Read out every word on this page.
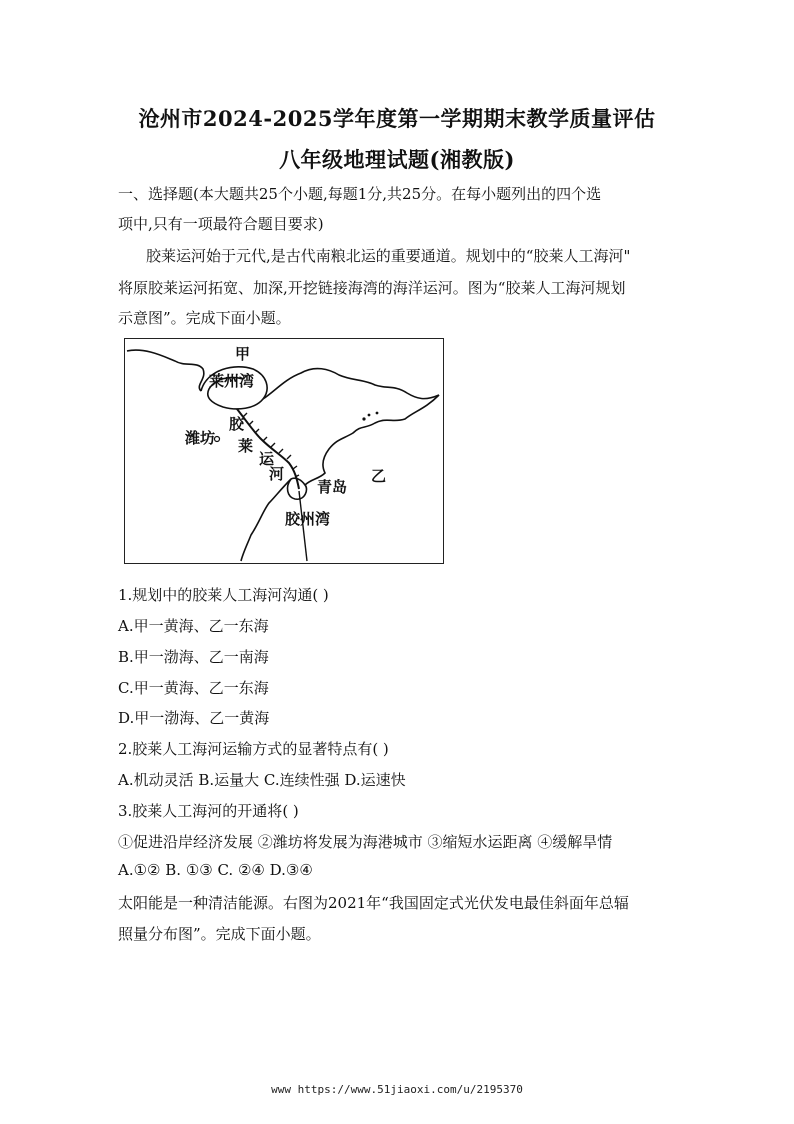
沧州市2024-2025学年度第一学期期末教学质量评估
八年级地理试题(湘教版)
一、选择题(本大题共25个小题,每题1分,共25分。在每小题列出的四个选
项中,只有一项最符合题目要求)
胶莱运河始于元代,是古代南粮北运的重要通道。规划中的“胶莱人工海河"
将原胶莱运河拓宽、加深,开挖链接海湾的海洋运河。图为“胶莱人工海河规划
示意图”。完成下面小题。
甲
莱州湾
潍坊
胶
莱
运
河
青岛
乙
胶州湾
1.规划中的胶莱人工海河沟通( )
A.甲一黄海、乙一东海
B.甲一渤海、乙一南海
C.甲一黄海、乙一东海
D.甲一渤海、乙一黄海
2.胶莱人工海河运输方式的显著特点有( )
A.机动灵活 B.运量大 C.连续性强 D.运速快
3.胶莱人工海河的开通将( )
①促进沿岸经济发展 ②潍坊将发展为海港城市 ③缩短水运距离 ④缓解旱情
A.①② B. ①③ C. ②④ D.③④
太阳能是一种清洁能源。右图为2021年“我国固定式光伏发电最佳斜面年总辐
照量分布图”。完成下面小题。
www https://www.51jiaoxi.com/u/2195370
